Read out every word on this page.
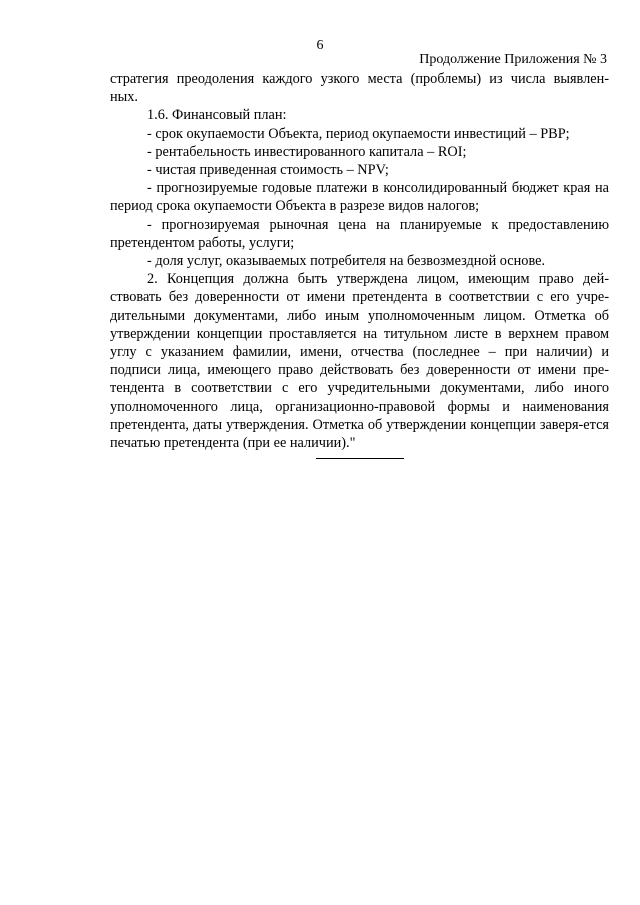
6
Продолжение Приложения № 3

стратегия преодоления каждого узкого места (проблемы) из числа выявлен-

ных.

1.6. Финансовый план:

- срок окупаемости Объекта, период окупаемости инвестиций – PBP;

- рентабельность инвестированного капитала – ROI;

- чистая приведенная стоимость – NPV;

- прогнозируемые годовые платежи в консолидированный бюджет края на период срока окупаемости Объекта в разрезе видов налогов;

- прогнозируемая рыночная цена на планируемые к предоставлению претендентом работы, услуги;

- доля услуг, оказываемых потребителя на безвозмездной основе.

2. Концепция должна быть утверждена лицом, имеющим право дей-ствовать без доверенности от имени претендента в соответствии с его учре-дительными документами, либо иным уполномоченным лицом. Отметка об утверждении концепции проставляется на титульном листе в верхнем правом углу с указанием фамилии, имени, отчества (последнее – при наличии) и подписи лица, имеющего право действовать без доверенности от имени пре-тендента в соответствии с его учредительными документами, либо иного уполномоченного лица, организационно-правовой формы и наименования претендента, даты утверждения. Отметка об утверждении концепции заверя-ется печатью претендента (при ее наличии)."
